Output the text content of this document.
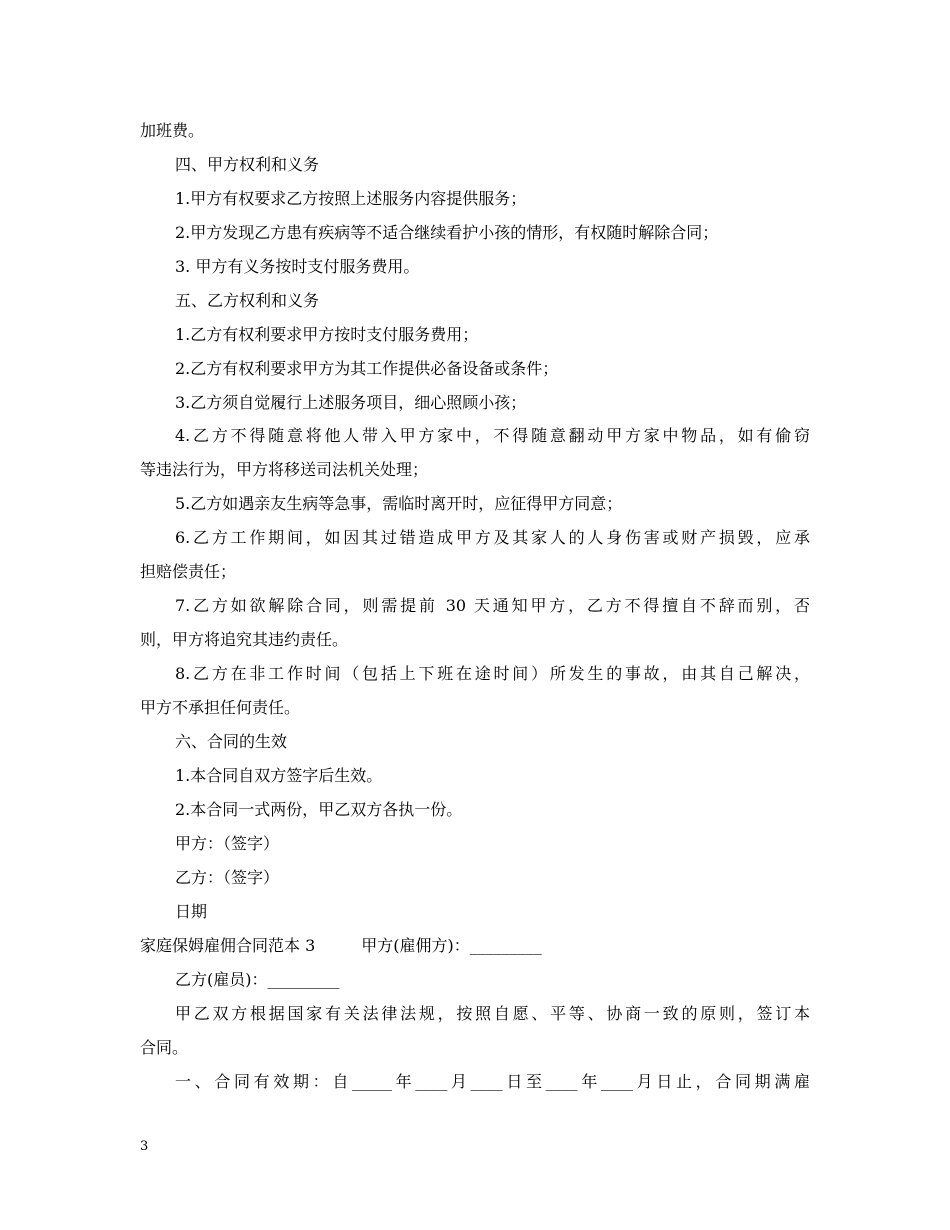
加班费。
四、甲方权利和义务
1.甲方有权要求乙方按照上述服务内容提供服务；
2.甲方发现乙方患有疾病等不适合继续看护小孩的情形，有权随时解除合同；
3. 甲方有义务按时支付服务费用。
五、乙方权利和义务
1.乙方有权利要求甲方按时支付服务费用；
2.乙方有权利要求甲方为其工作提供必备设备或条件；
3.乙方须自觉履行上述服务项目，细心照顾小孩；
4.乙方不得随意将他人带入甲方家中，不得随意翻动甲方家中物品，如有偷窃
等违法行为，甲方将移送司法机关处理；
5.乙方如遇亲友生病等急事，需临时离开时，应征得甲方同意；
6.乙方工作期间，如因其过错造成甲方及其家人的人身伤害或财产损毁，应承
担赔偿责任；
7.乙方如欲解除合同，则需提前 30 天通知甲方，乙方不得擅自不辞而别，否
则，甲方将追究其违约责任。
8.乙方在非工作时间（包括上下班在途时间）所发生的事故，由其自己解决，
甲方不承担任何责任。
六、合同的生效
1.本合同自双方签字后生效。
2.本合同一式两份，甲乙双方各执一份。
甲方：（签字）
乙方：（签字）
日期
家庭保姆雇佣合同范本 3	甲方(雇佣方)：_________
乙方(雇员)：_________
甲乙双方根据国家有关法律法规，按照自愿、平等、协商一致的原则，签订本
合同。
一、合同有效期：自_____年____月____日至____年____月日止，合同期满雇
3
